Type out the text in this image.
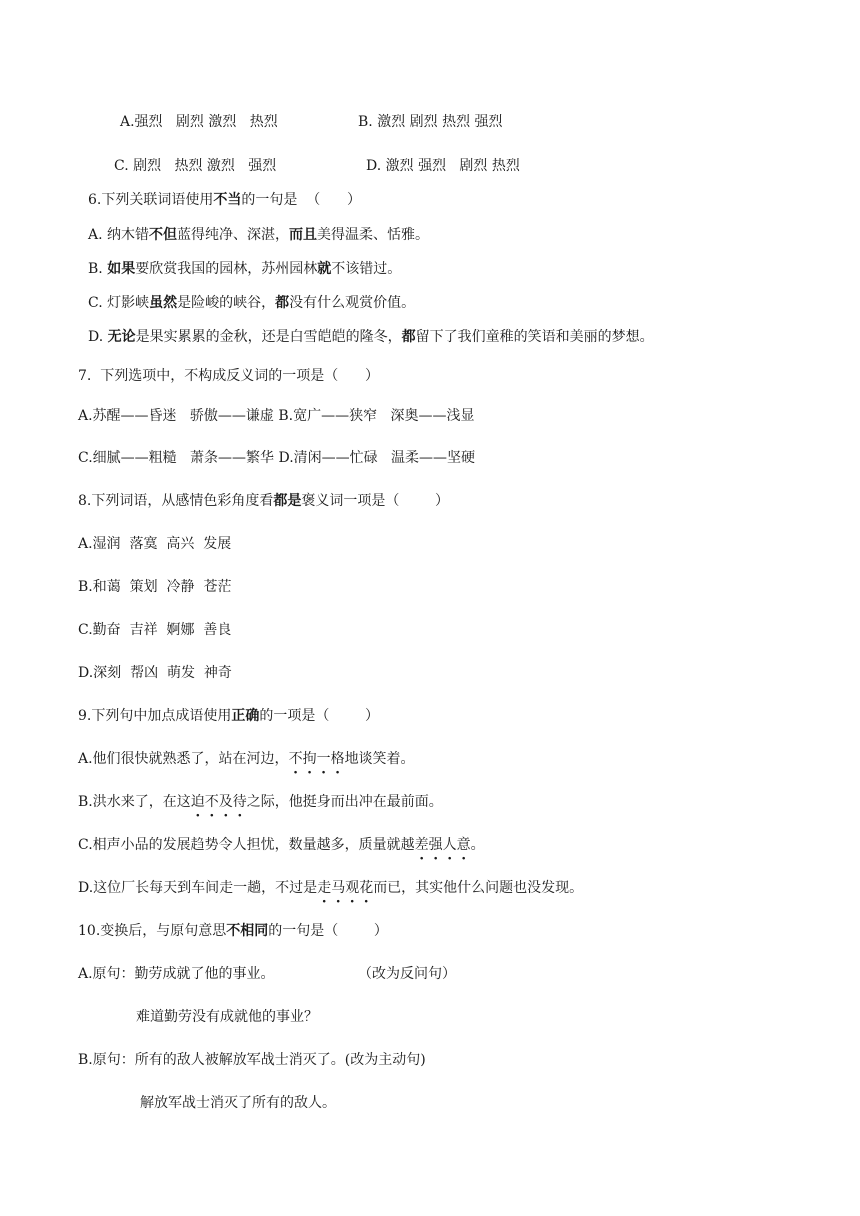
A.强烈   剧烈 激烈   热烈	B. 激烈 剧烈 热烈 强烈
C. 剧烈   热烈 激烈   强烈	D. 激烈 强烈   剧烈 热烈
6.下列关联词语使用不当的一句是  （      ）
A. 纳木错不但蓝得纯净、深湛，而且美得温柔、恬雅。
B. 如果要欣赏我国的园林，苏州园林就不该错过。
C. 灯影峡虽然是险峻的峡谷，都没有什么观赏价值。
D. 无论是果实累累的金秋，还是白雪皑皑的隆冬，都留下了我们童稚的笑语和美丽的梦想。
7.  下列选项中，不构成反义词的一项是（      ）
A.苏醒——昏迷   骄傲——谦虚 B.宽广——狭窄   深奥——浅显
C.细腻——粗糙   萧条——繁华 D.清闲——忙碌   温柔——坚硬
8.下列词语，从感情色彩角度看都是褒义词一项是（        ）
A.湿润  落寞  高兴  发展
B.和蔼  策划  冷静  苍茫
C.勤奋  吉祥  婀娜  善良
D.深刻  帮凶  萌发  神奇
9.下列句中加点成语使用正确的一项是（        ）
A.他们很快就熟悉了，站在河边，不拘一格地谈笑着。
B.洪水来了，在这迫不及待之际，他挺身而出冲在最前面。
C.相声小品的发展趋势令人担忧，数量越多，质量就越差强人意。
D.这位厂长每天到车间走一趟，不过是走马观花而已，其实他什么问题也没发现。
10.变换后，与原句意思不相同的一句是（        ）
A.原句：勤劳成就了他的事业。	（改为反问句）
难道勤劳没有成就他的事业？
B.原句：所有的敌人被解放军战士消灭了。(改为主动句)
解放军战士消灭了所有的敌人。
